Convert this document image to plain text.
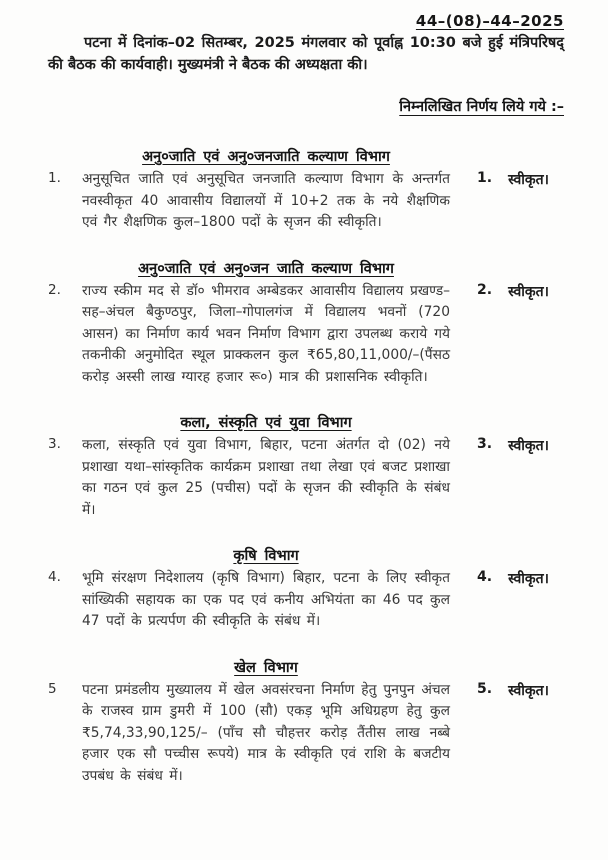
44–(08)–44–2025

पटना में दिनांक–02 सितम्बर, 2025 मंगलवार को पूर्वाह्न 10:30 बजे हुई मंत्रिपरिषद् की बैठक की कार्यवाही। मुख्यमंत्री ने बैठक की अध्यक्षता की।

निम्नलिखित निर्णय लिये गये :–
अनु०जाति एवं अनु०जनजाति कल्याण विभाग
1.	अनुसूचित जाति एवं अनुसूचित जनजाति कल्याण विभाग के अन्तर्गत नवस्वीकृत 40 आवासीय विद्यालयों में 10+2 तक के नये शैक्षणिक एवं गैर शैक्षणिक कुल–1800 पदों के सृजन की स्वीकृति।
1. स्वीकृत।
अनु०जाति एवं अनु०जन जाति कल्याण विभाग
2.	राज्य स्कीम मद से डॉ० भीमराव अम्बेडकर आवासीय विद्यालय प्रखण्ड–सह–अंचल बैकुण्ठपुर, जिला–गोपालगंज में विद्यालय भवनों (720 आसन) का निर्माण कार्य भवन निर्माण विभाग द्वारा उपलब्ध कराये गये तकनीकी अनुमोदित स्थूल प्राक्कलन कुल ₹65,80,11,000/–(पैंसठ करोड़ अस्सी लाख ग्यारह हजार रू०) मात्र की प्रशासनिक स्वीकृति।
2. स्वीकृत।
कला, संस्कृति एवं युवा विभाग
3.	कला, संस्कृति एवं युवा विभाग, बिहार, पटना अंतर्गत दो (02) नये प्रशाखा यथा–सांस्कृतिक कार्यक्रम प्रशाखा तथा लेखा एवं बजट प्रशाखा का गठन एवं कुल 25 (पचीस) पदों के सृजन की स्वीकृति के संबंध में।
3. स्वीकृत।
कृषि विभाग
4.	भूमि संरक्षण निदेशालय (कृषि विभाग) बिहार, पटना के लिए स्वीकृत सांख्यिकी सहायक का एक पद एवं कनीय अभियंता का 46 पद कुल 47 पदों के प्रत्यर्पण की स्वीकृति के संबंध में।
4. स्वीकृत।
खेल विभाग
5	पटना प्रमंडलीय मुख्यालय में खेल अवसंरचना निर्माण हेतु पुनपुन अंचल के राजस्व ग्राम डुमरी में 100 (सौ) एकड़ भूमि अधिग्रहण हेतु कुल ₹5,74,33,90,125/– (पाँच सौ चौहत्तर करोड़ तैंतीस लाख नब्बे हजार एक सौ पच्चीस रूपये) मात्र के स्वीकृति एवं राशि के बजटीय उपबंध के संबंध में।
5. स्वीकृत।
